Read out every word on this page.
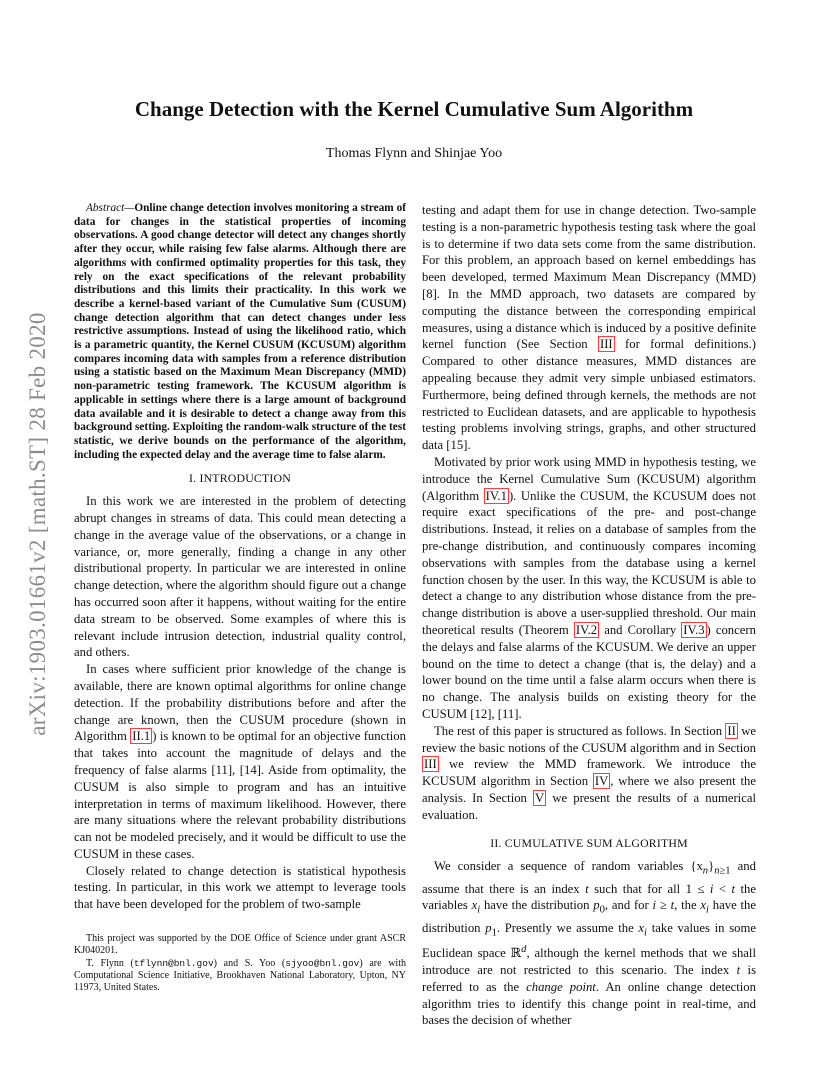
Change Detection with the Kernel Cumulative Sum Algorithm
Thomas Flynn and Shinjae Yoo
arXiv:1903.01661v2 [math.ST] 28 Feb 2020

Abstract—Online change detection involves monitoring a stream of data for changes in the statistical properties of incoming observations. A good change detector will detect any changes shortly after they occur, while raising few false alarms. Although there are algorithms with confirmed optimality properties for this task, they rely on the exact specifications of the relevant probability distributions and this limits their practicality. In this work we describe a kernel-based variant of the Cumulative Sum (CUSUM) change detection algorithm that can detect changes under less restrictive assumptions. Instead of using the likelihood ratio, which is a parametric quantity, the Kernel CUSUM (KCUSUM) algorithm compares incoming data with samples from a reference distribution using a statistic based on the Maximum Mean Discrepancy (MMD) non-parametric testing framework. The KCUSUM algorithm is applicable in settings where there is a large amount of background data available and it is desirable to detect a change away from this background setting. Exploiting the random-walk structure of the test statistic, we derive bounds on the performance of the algorithm, including the expected delay and the average time to false alarm.

I. INTRODUCTION

In this work we are interested in the problem of detecting abrupt changes in streams of data. This could mean detecting a change in the average value of the observations, or a change in variance, or, more generally, finding a change in any other distributional property. In particular we are interested in online change detection, where the algorithm should figure out a change has occurred soon after it happens, without waiting for the entire data stream to be observed. Some examples of where this is relevant include intrusion detection, industrial quality control, and others.

In cases where sufficient prior knowledge of the change is available, there are known optimal algorithms for online change detection. If the probability distributions before and after the change are known, then the CUSUM procedure (shown in Algorithm II.1 ) is known to be optimal for an objective function that takes into account the magnitude of delays and the frequency of false alarms [11], [14]. Aside from optimality, the CUSUM is also simple to program and has an intuitive interpretation in terms of maximum likelihood. However, there are many situations where the relevant probability distributions can not be modeled precisely, and it would be difficult to use the CUSUM in these cases.

Closely related to change detection is statistical hypothesis testing. In particular, in this work we attempt to leverage tools that have been developed for the problem of two-sample

This project was supported by the DOE Office of Science under grant ASCR KJ040201.

T. Flynn (tflynn@bnl.gov) and S. Yoo (sjyoo@bnl.gov) are with Computational Science Initiative, Brookhaven National Laboratory, Upton, NY 11973, United States.

testing and adapt them for use in change detection. Two-sample testing is a non-parametric hypothesis testing task where the goal is to determine if two data sets come from the same distribution. For this problem, an approach based on kernel embeddings has been developed, termed Maximum Mean Discrepancy (MMD) [8]. In the MMD approach, two datasets are compared by computing the distance between the corresponding empirical measures, using a distance which is induced by a positive definite kernel function (See Section III for formal definitions.) Compared to other distance measures, MMD distances are appealing because they admit very simple unbiased estimators. Furthermore, being defined through kernels, the methods are not restricted to Euclidean datasets, and are applicable to hypothesis testing problems involving strings, graphs, and other structured data [15].

Motivated by prior work using MMD in hypothesis testing, we introduce the Kernel Cumulative Sum (KCUSUM) algorithm (Algorithm IV.1 ). Unlike the CUSUM, the KCUSUM does not require exact specifications of the pre- and post-change distributions. Instead, it relies on a database of samples from the pre-change distribution, and continuously compares incoming observations with samples from the database using a kernel function chosen by the user. In this way, the KCUSUM is able to detect a change to any distribution whose distance from the pre-change distribution is above a user-supplied threshold. Our main theoretical results (Theorem IV.2 and Corollary IV.3 ) concern the delays and false alarms of the KCUSUM. We derive an upper bound on the time to detect a change (that is, the delay) and a lower bound on the time until a false alarm occurs when there is no change. The analysis builds on existing theory for the CUSUM [12], [11].

The rest of this paper is structured as follows. In Section II we review the basic notions of the CUSUM algorithm and in Section III we review the MMD framework. We introduce the KCUSUM algorithm in Section IV , where we also present the analysis. In Section V we present the results of a numerical evaluation.

II. CUMULATIVE SUM ALGORITHM

We consider a sequence of random variables $\{x_n\}_{n\ge 1}$ and assume that there is an index t such that for all 1 ≤ i < t the variables $x_i$ have the distribution $p_0$, and for i ≥ t, the $x_i$ have the distribution $p_1$. Presently we assume the $x_i$ take values in some Euclidean space ℝ$^d$, although the kernel methods that we shall introduce are not restricted to this scenario. The index t is referred to as the change point. An online change detection algorithm tries to identify this change point in real-time, and bases the decision of whether
